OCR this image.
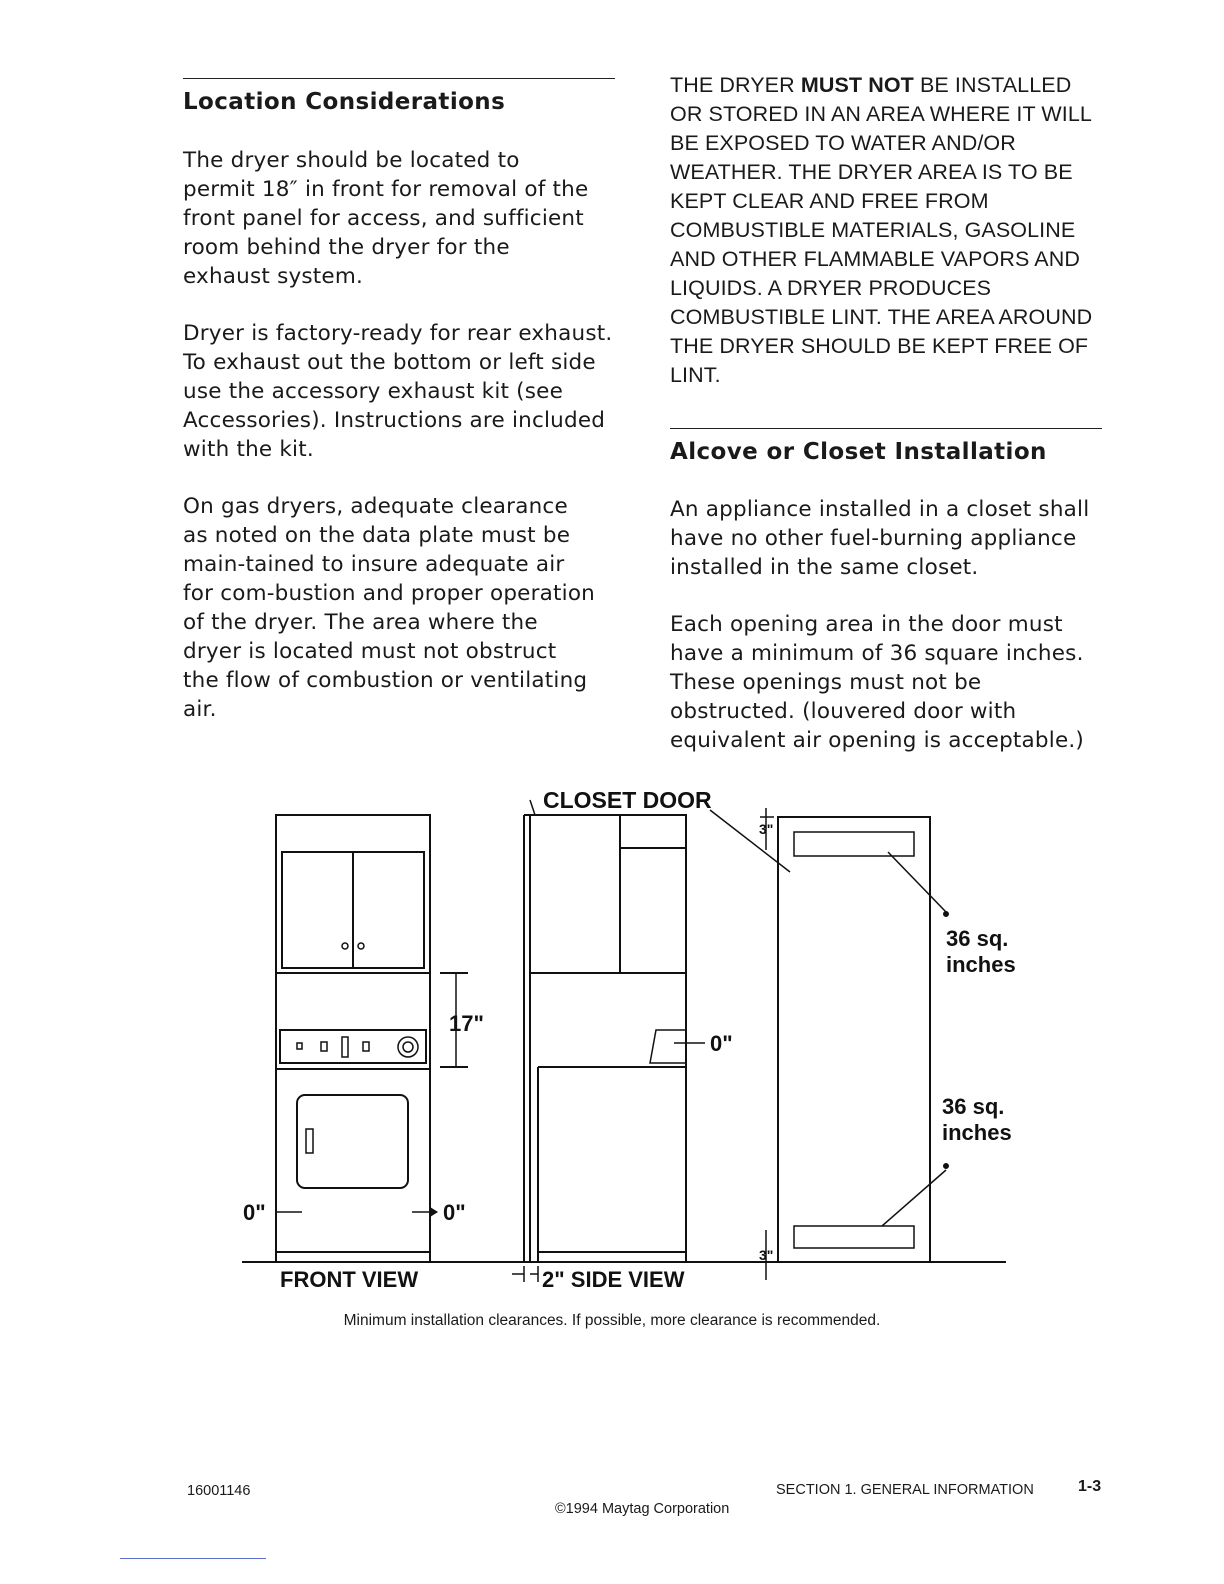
Location Considerations

The dryer should be located to permit 18″ in front for removal of the front panel for access, and sufficient room behind the dryer for the exhaust system.

Dryer is factory-ready for rear exhaust. To exhaust out the bottom or left side use the accessory exhaust kit (see Accessories). Instructions are included with the kit.

On gas dryers, adequate clearance as noted on the data plate must be main-tained to insure adequate air for com-bustion and proper operation of the dryer. The area where the dryer is located must not obstruct the flow of combustion or ventilating air.

THE DRYER MUST NOT BE INSTALLED OR STORED IN AN AREA WHERE IT WILL BE EXPOSED TO WATER AND/OR WEATHER. THE DRYER AREA IS TO BE KEPT CLEAR AND FREE FROM COMBUSTIBLE MATERIALS, GASOLINE AND OTHER FLAMMABLE VAPORS AND LIQUIDS. A DRYER PRODUCES COMBUSTIBLE LINT. THE AREA AROUND THE DRYER SHOULD BE KEPT FREE OF LINT.

Alcove or Closet Installation

An appliance installed in a closet shall have no other fuel-burning appliance installed in the same closet.

Each opening area in the door must have a minimum of 36 square inches. These openings must not be obstructed. (louvered door with equivalent air opening is acceptable.)

CLOSET DOOR
FRONT VIEW	2" SIDE VIEW
17"
0"	0"
0"
3"
3"
36 sq.
inches
36 sq.
inches
Minimum installation clearances. If possible, more clearance is recommended.
16001146	SECTION 1. GENERAL INFORMATION	1-3
©1994 Maytag Corporation
